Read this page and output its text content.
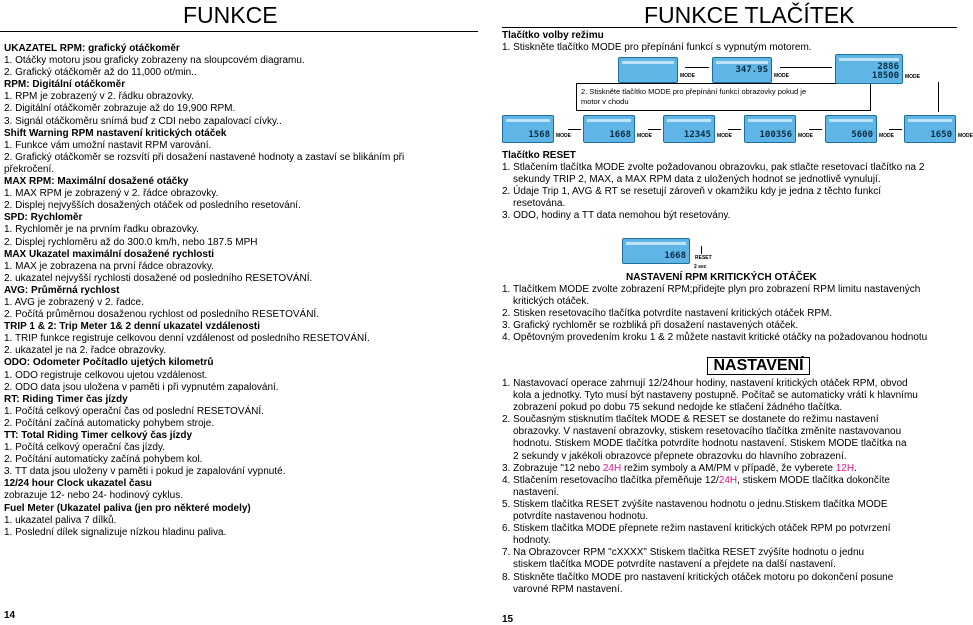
FUNKCE
UKAZATEL RPM: grafický otáčkoměr
1. Otáčky motoru jsou graficky zobrazeny na sloupcovém diagramu.
2. Grafický otáčkoměr až do 11,000 ot/min..
RPM: Digitální otáčkoměr
1. RPM je zobrazený v 2. řádku obrazovky.
2. Digitální otáčkoměr zobrazuje až do 19,900 RPM.
3. Signál otáčkoměru snímá buď z CDI nebo zapalovací cívky..
Shift Warning RPM nastavení kritických otáček
1. Funkce vám umožní nastavit RPM varování.
2. Grafický otáčkoměr se rozsvítí při dosažení nastavené hodnoty a zastaví se blikáním při
překročení.
MAX RPM: Maximální dosažené otáčky
1. MAX RPM je zobrazený v 2. řádce obrazovky.
2. Displej nejvyšších dosažených otáček od posledního resetování.
SPD: Rychloměr
1. Rychloměr je na prvním řadku obrazovky.
2. Displej rychloměru až do 300.0 km/h, nebo 187.5 MPH
MAX Ukazatel maximální dosažené rychlosti
1. MAX je zobrazena na první řádce obrazovky.
2. ukazatel nejvyšší rychlosti dosažené od posledního RESETOVÁNÍ.
AVG: Průměrná rychlost
1. AVG je zobrazený v 2. řadce.
2. Počítá průměrnou dosaženou rychlost od posledního RESETOVÁNÍ.
TRIP 1 & 2: Trip Meter 1& 2 denní ukazatel vzdálenosti
1. TRIP funkce registruje celkovou denní vzdálenost od posledního RESETOVÁNÍ.
2. ukazatel je na 2. řadce obrazovky.
ODO: Odometer Počítadlo ujetých kilometrů
1. ODO registruje celkovou ujetou vzdálenost.
2. ODO data jsou uložena v paměti i při vypnutém zapalování.
RT: Riding Timer čas jízdy
1. Počítá celkový operační čas od poslední RESETOVÁNÍ.
2. Počítání začíná automaticky pohybem stroje.
TT: Total Riding Timer celkový čas jízdy
1. Počítá celkový operační čas jízdy.
2. Počítání automaticky začíná pohybem kol.
3. TT data jsou uloženy v paměti i pokud je zapalování vypnuté.
12/24 hour Clock ukazatel času
zobrazuje 12- nebo 24- hodinový cyklus.
Fuel Meter (Ukazatel paliva (jen pro některé modely)
1. ukazatel paliva 7 dílků.
1. Poslední dílek signalizuje nízkou hladinu paliva.
14
FUNKCE TLAČÍTEK
Tlačítko volby režimu
1. Stiskněte tlačítko MODE pro přepínání funkcí s vypnutým motorem.
2. Stiskněte tlačítko MODE pro přepínání funkcí obrazovky pokud je
motor v chodu
MODE
347.9S
MODE
2886
18500 MODE
1568 MODE	1668 MODE	12345 MODE	100356 MODE	5600 MODE	1650 MODE
Tlačítko RESET
1. Stlačením tlačítka MODE zvolte požadovanou obrazovku, pak stlačte resetovací tlačítko na 2
sekundy TRIP 2, MAX, a MAX RPM data z uložených hodnot se jednotlivě vynulují.
2. Údaje Trip 1, AVG & RT se resetují zároveň v okamžiku kdy je jedna z těchto funkcí
resetována.
3. ODO, hodiny a TT data nemohou být resetovány.
1668 RESET
2 sec
NASTAVENÍ RPM KRITICKÝCH OTÁČEK
1. Tlačítkem MODE zvolte zobrazení RPM;přidejte plyn pro zobrazení RPM limitu nastavených
kritických otáček.
2. Stisken resetovacího tlačítka potvrdíte nastavení kritických otáček RPM.
3. Grafický rychloměr se rozbliká při dosažení nastavených otáček.
4. Opětovným provedením kroku 1 & 2 můžete nastavit kritické otáčky na požadovanou hodnotu
NASTAVENÍ
1. Nastavovací operace zahrnují 12/24hour hodiny, nastavení kritických otáček RPM, obvod
kola a jednotky. Tyto musí být nastaveny postupně. Počítač se automaticky vrátí k hlavnímu
zobrazení pokud po dobu 75 sekund nedojde ke stlačení žádného tlačítka.
2. Současným stisknutím tlačítek MODE & RESET se dostanete do režimu nastavení
obrazovky. V nastavení obrazovky, stiskem resetovacího tlačítka změníte nastavovanou
hodnotu. Stiskem MODE tlačítka potvrdíte hodnotu nastavení. Stiskem MODE tlačítka na
2 sekundy v jakékoli obrazovce přepnete obrazovku do hlavního zobrazení.
3. Zobrazuje "12 nebo 24H režim symboly a AM/PM v případě, že vyberete 12H.
4. Stlačením resetovacího tlačítka přeměňuje 12/24H, stiskem MODE tlačítka dokončíte
nastavení.
5. Stiskem tlačítka RESET zvýšíte nastavenou hodnotu o jednu.Stiskem tlačítka MODE
potvrdíte nastavenou hodnotu.
6. Stiskem tlačítka MODE přepnete režim nastavení kritických otáček RPM po potvrzení
hodnoty.
7. Na Obrazovcer RPM "cXXXX" Stiskem tlačítka RESET zvýšíte hodnotu o jednu
stiskem tlačítka MODE potvrdíte nastavení a přejdete na další nastavení.
8. Stiskněte tlačítko MODE pro nastavení kritických otáček motoru po dokončení posune
varovné RPM nastavení.
15
